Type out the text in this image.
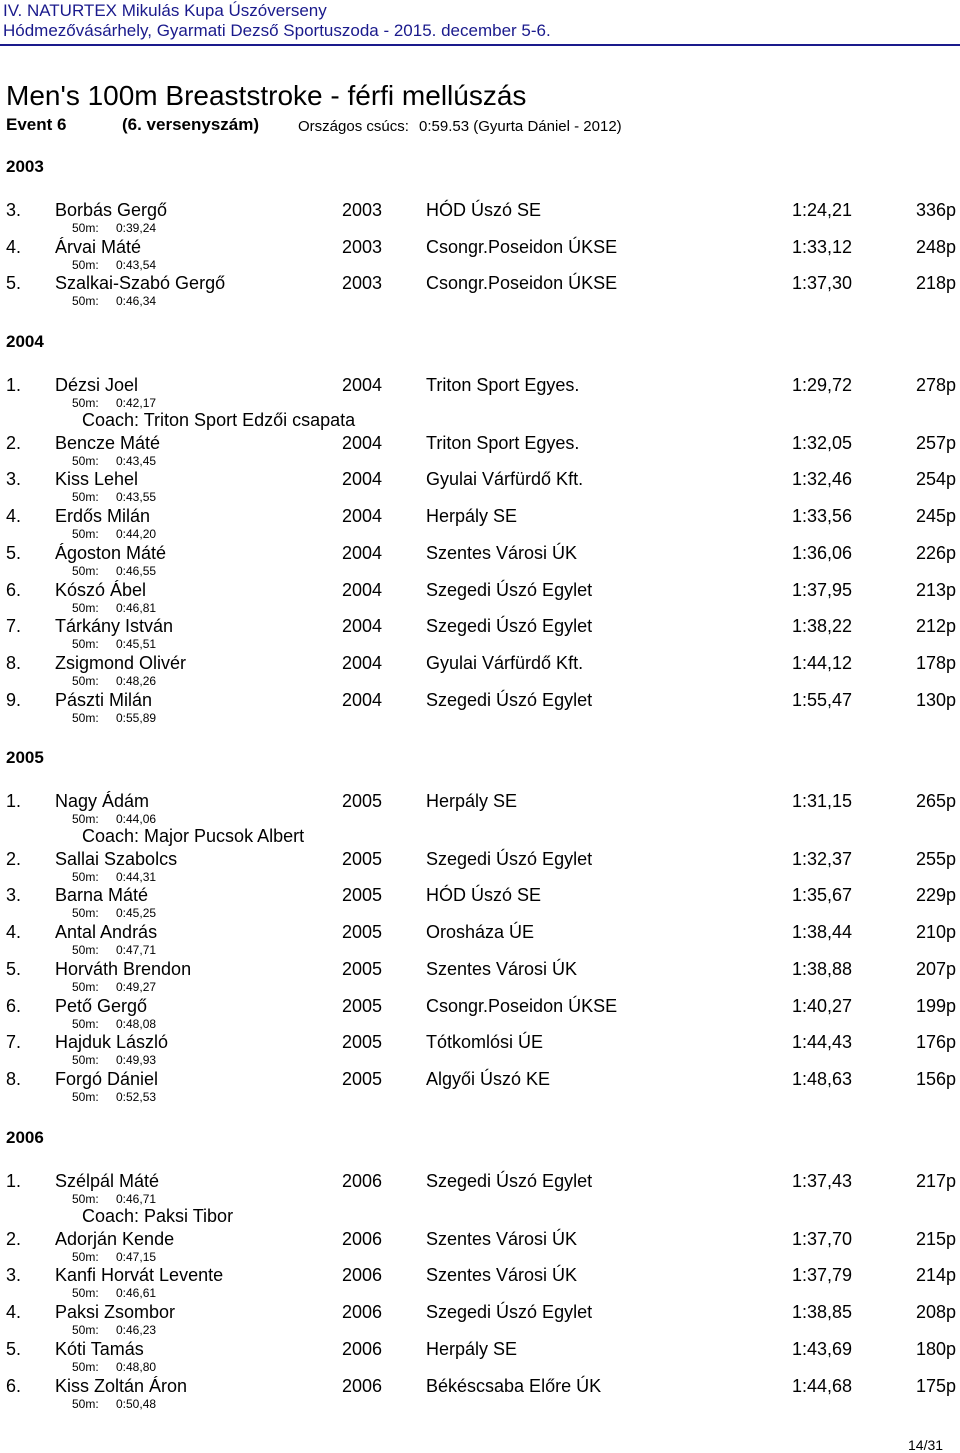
IV. NATURTEX Mikulás Kupa Úszóverseny
Hódmezővásárhely, Gyarmati Dezső Sportuszoda - 2015. december 5-6.
Men's 100m Breaststroke - férfi mellúszás
Event 6	(6. versenyszám)	Országos csúcs: 0:59.53 (Gyurta Dániel - 2012)
2003
3. Borbás Gergő	2003 HÓD Úszó SE	1:24,21	336p
50m: 0:39,24
4. Árvai Máté	2003 Csongr.Poseidon ÚKSE	1:33,12	248p
50m: 0:43,54
5. Szalkai-Szabó Gergő	2003 Csongr.Poseidon ÚKSE	1:37,30	218p
50m: 0:46,34
2004
1. Dézsi Joel	2004 Triton Sport Egyes.	1:29,72	278p
50m: 0:42,17
Coach: Triton Sport Edzői csapata
2. Bencze Máté	2004 Triton Sport Egyes.	1:32,05	257p
50m: 0:43,45
3. Kiss Lehel	2004 Gyulai Várfürdő Kft.	1:32,46	254p
50m: 0:43,55
4. Erdős Milán	2004 Herpály SE	1:33,56	245p
50m: 0:44,20
5. Ágoston Máté	2004 Szentes Városi ÚK	1:36,06	226p
50m: 0:46,55
6. Kószó Ábel	2004 Szegedi Úszó Egylet	1:37,95	213p
50m: 0:46,81
7. Tárkány István	2004 Szegedi Úszó Egylet	1:38,22	212p
50m: 0:45,51
8. Zsigmond Olivér	2004 Gyulai Várfürdő Kft.	1:44,12	178p
50m: 0:48,26
9. Pászti Milán	2004 Szegedi Úszó Egylet	1:55,47	130p
50m: 0:55,89
2005
1. Nagy Ádám	2005 Herpály SE	1:31,15	265p
50m: 0:44,06
Coach: Major Pucsok Albert
2. Sallai Szabolcs	2005 Szegedi Úszó Egylet	1:32,37	255p
50m: 0:44,31
3. Barna Máté	2005 HÓD Úszó SE	1:35,67	229p
50m: 0:45,25
4. Antal András	2005 Orosháza ÚE	1:38,44	210p
50m: 0:47,71
5. Horváth Brendon	2005 Szentes Városi ÚK	1:38,88	207p
50m: 0:49,27
6. Pető Gergő	2005 Csongr.Poseidon ÚKSE	1:40,27	199p
50m: 0:48,08
7. Hajduk László	2005 Tótkomlósi ÚE	1:44,43	176p
50m: 0:49,93
8. Forgó Dániel	2005 Algyői Úszó KE	1:48,63	156p
50m: 0:52,53
2006
1. Szélpál Máté	2006 Szegedi Úszó Egylet	1:37,43	217p
50m: 0:46,71
Coach: Paksi Tibor
2. Adorján Kende	2006 Szentes Városi ÚK	1:37,70	215p
50m: 0:47,15
3. Kanfi Horvát Levente	2006 Szentes Városi ÚK	1:37,79	214p
50m: 0:46,61
4. Paksi Zsombor	2006 Szegedi Úszó Egylet	1:38,85	208p
50m: 0:46,23
5. Kóti Tamás	2006 Herpály SE	1:43,69	180p
50m: 0:48,80
6. Kiss Zoltán Áron	2006 Békéscsaba Előre ÚK	1:44,68	175p
50m: 0:50,48
14/31
